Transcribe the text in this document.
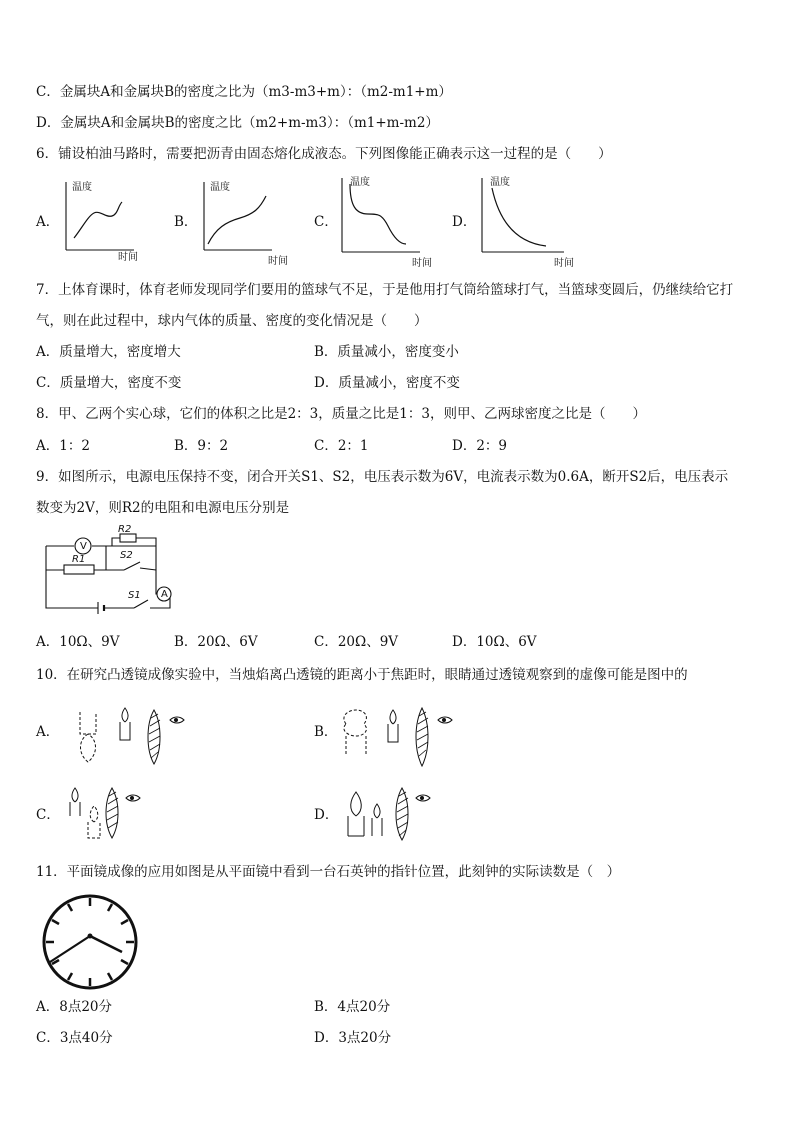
C．金属块A和金属块B的密度之比为（m3-m3+m）：（m2-m1+m）
D．金属块A和金属块B的密度之比（m2+m-m3）：（m1+m-m2）
6．铺设柏油马路时，需要把沥青由固态熔化成液态。下列图像能正确表示这一过程的是（　　）
A．
温度
时间
B．
温度
时间
C．
温度
时间
D．
温度
时间
7．上体育课时，体育老师发现同学们要用的篮球气不足，于是他用打气筒给篮球打气，当篮球变圆后，仍继续给它打
气，则在此过程中，球内气体的质量、密度的变化情况是（　　）
A．质量增大，密度增大	B．质量减小，密度变小
C．质量增大，密度不变	D．质量减小，密度不变
8．甲、乙两个实心球，它们的体积之比是2：3，质量之比是1：3，则甲、乙两球密度之比是（　　）
A．1：2	B．9：2	C．2：1	D．2：9
9．如图所示，电源电压保持不变，闭合开关S1、S2，电压表示数为6V，电流表示数为0.6A，断开S2后，电压表示
数变为2V，则R2的电阻和电源电压分别是
V
A
R2
R1	S2
S1
A．10Ω、9V	B．20Ω、6V	C．20Ω、9V	D．10Ω、6V
10．在研究凸透镜成像实验中，当烛焰离凸透镜的距离小于焦距时，眼睛通过透镜观察到的虚像可能是图中的
A．	B．
C．	D．
11．平面镜成像的应用如图是从平面镜中看到一台石英钟的指针位置，此刻钟的实际读数是（　）
A．8点20分	B．4点20分
C．3点40分	D．3点20分
